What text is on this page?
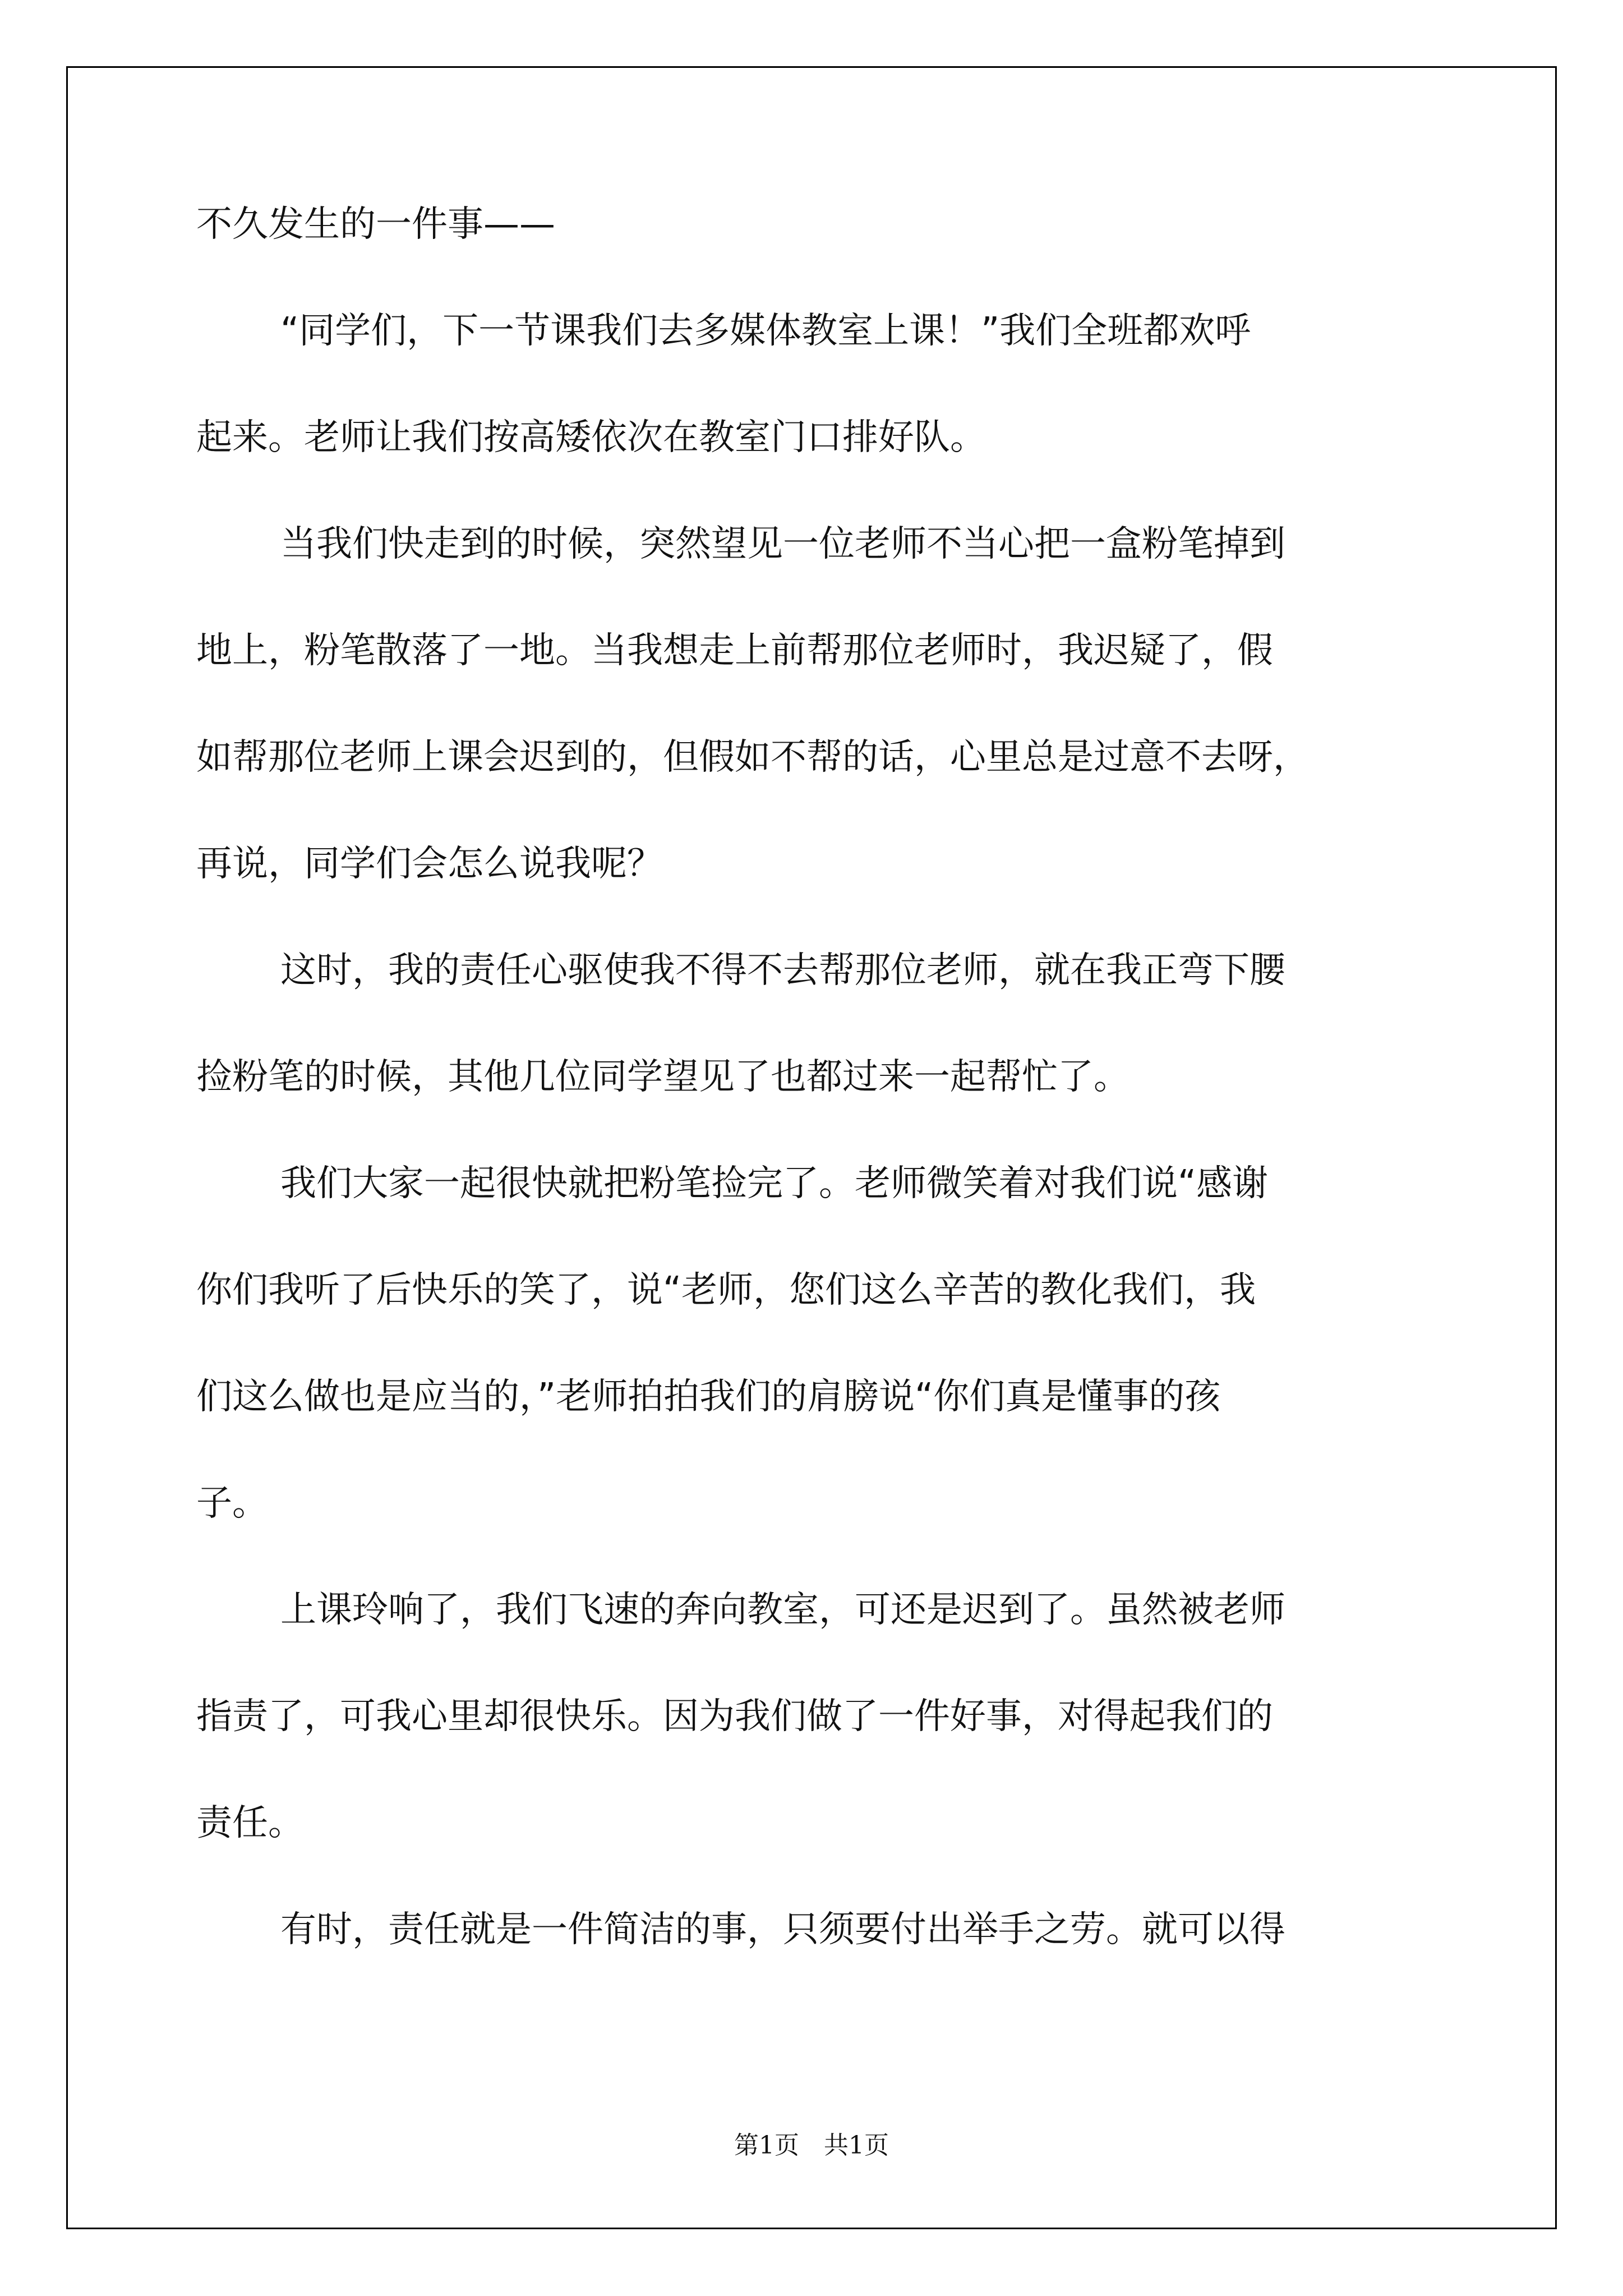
不久发生的一件事——
“同学们，下一节课我们去多媒体教室上课！”我们全班都欢呼
起来。老师让我们按高矮依次在教室门口排好队。
当我们快走到的时候，突然望见一位老师不当心把一盒粉笔掉到
地上，粉笔散落了一地。当我想走上前帮那位老师时，我迟疑了，假
如帮那位老师上课会迟到的，但假如不帮的话，心里总是过意不去呀，
再说，同学们会怎么说我呢？
这时，我的责任心驱使我不得不去帮那位老师，就在我正弯下腰
捡粉笔的时候，其他几位同学望见了也都过来一起帮忙了。
我们大家一起很快就把粉笔捡完了。老师微笑着对我们说“感谢
你们我听了后快乐的笑了，说“老师，您们这么辛苦的教化我们，我
们这么做也是应当的，”老师拍拍我们的肩膀说“你们真是懂事的孩
子。
上课玲响了，我们飞速的奔向教室，可还是迟到了。虽然被老师
指责了，可我心里却很快乐。因为我们做了一件好事，对得起我们的
责任。
有时，责任就是一件简洁的事，只须要付出举手之劳。就可以得
第1页　共1页
